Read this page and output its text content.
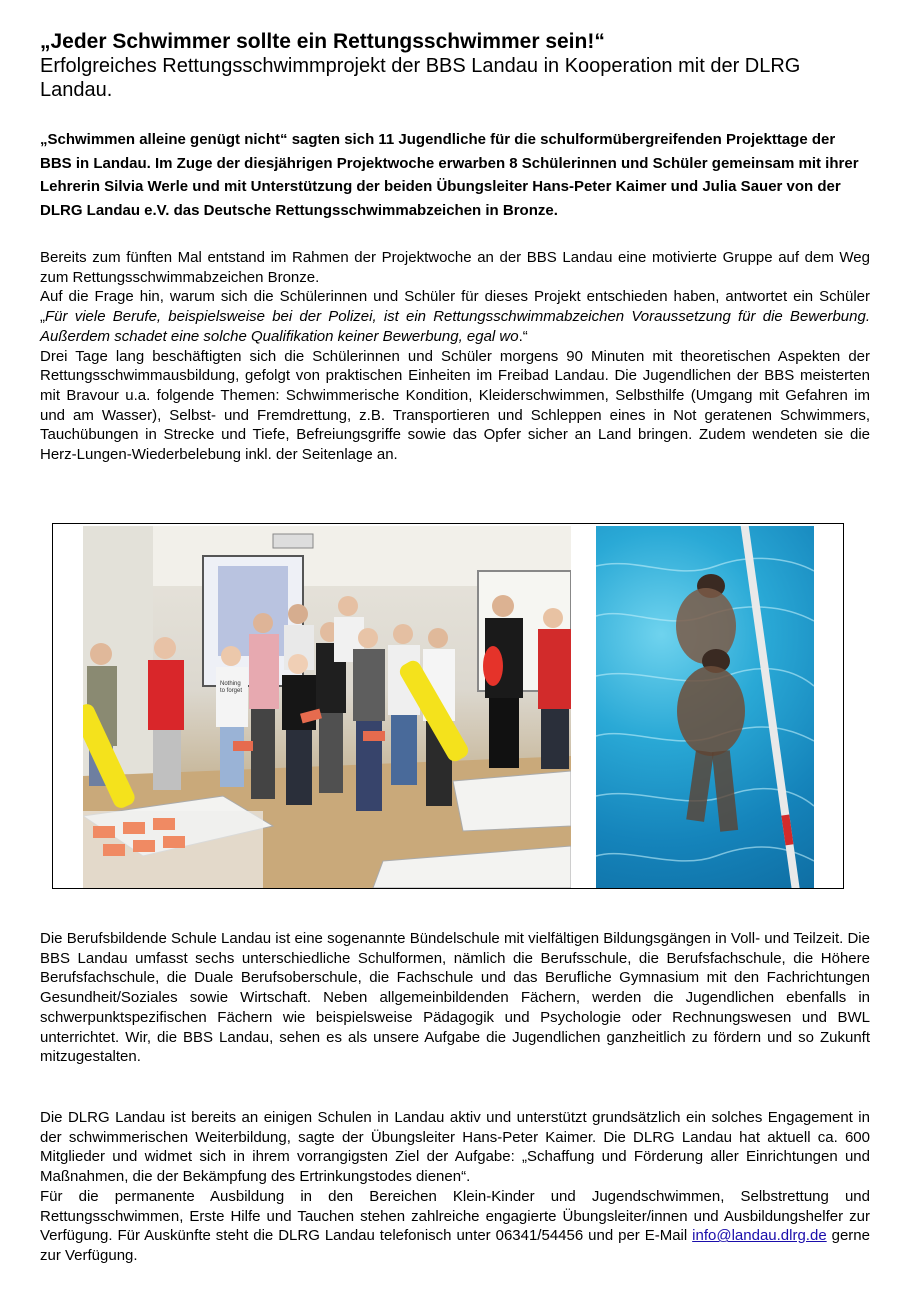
„Jeder Schwimmer sollte ein Rettungsschwimmer sein!“

Erfolgreiches Rettungsschwimmprojekt der BBS Landau in Kooperation mit der DLRG Landau.

„Schwimmen alleine genügt nicht“ sagten sich 11 Jugendliche für die schulformübergreifenden Projekttage der BBS in Landau. Im Zuge der diesjährigen Projektwoche erwarben 8 Schülerinnen und Schüler gemeinsam mit ihrer Lehrerin Silvia Werle und mit Unterstützung der beiden Übungsleiter Hans-Peter Kaimer und Julia Sauer von der DLRG Landau e.V. das Deutsche Rettungsschwimmabzeichen in Bronze.

Bereits zum fünften Mal entstand im Rahmen der Projektwoche an der BBS Landau eine motivierte Gruppe auf dem Weg zum Rettungsschwimmabzeichen Bronze.

Auf die Frage hin, warum sich die Schülerinnen und Schüler für dieses Projekt entschieden haben, antwortet ein Schüler „Für viele Berufe, beispielsweise bei der Polizei, ist ein Rettungsschwimmabzeichen Voraussetzung für die Bewerbung. Außerdem schadet eine solche Qualifikation keiner Bewerbung, egal wo.“

Drei Tage lang beschäftigten sich die Schülerinnen und Schüler morgens 90 Minuten mit theoretischen Aspekten der Rettungsschwimmausbildung, gefolgt von praktischen Einheiten im Freibad Landau. Die Jugendlichen der BBS meisterten mit Bravour u.a. folgende Themen: Schwimmerische Kondition, Kleiderschwimmen, Selbsthilfe (Umgang mit Gefahren im und am Wasser), Selbst- und Fremdrettung, z.B. Transportieren und Schleppen eines in Not geratenen Schwimmers, Tauchübungen in Strecke und Tiefe, Befreiungsgriffe sowie das Opfer sicher an Land bringen. Zudem wendeten sie die Herz-Lungen-Wiederbelebung inkl. der Seitenlage an.

Nothing to forget

Die Berufsbildende Schule Landau ist eine sogenannte Bündelschule mit vielfältigen Bildungsgängen in Voll- und Teilzeit. Die BBS Landau umfasst sechs unterschiedliche Schulformen, nämlich die Berufsschule, die Berufsfachschule, die Höhere Berufsfachschule, die Duale Berufsoberschule, die Fachschule und das Berufliche Gymnasium mit den Fachrichtungen Gesundheit/Soziales sowie Wirtschaft. Neben allgemeinbildenden Fächern, werden die Jugendlichen ebenfalls in schwerpunktspezifischen Fächern wie beispielsweise Pädagogik und Psychologie oder Rechnungswesen und BWL unterrichtet. Wir, die BBS Landau, sehen es als unsere Aufgabe die Jugendlichen ganzheitlich zu fördern und so Zukunft mitzugestalten.

Die DLRG Landau ist bereits an einigen Schulen in Landau aktiv und unterstützt grundsätzlich ein solches Engagement in der schwimmerischen Weiterbildung, sagte der Übungsleiter Hans-Peter Kaimer. Die DLRG Landau hat aktuell ca. 600 Mitglieder und widmet sich in ihrem vorrangigsten Ziel der Aufgabe: „Schaffung und Förderung aller Einrichtungen und Maßnahmen, die der Bekämpfung des Ertrinkungstodes dienen“.

Für die permanente Ausbildung in den Bereichen Klein-Kinder und Jugendschwimmen, Selbstrettung und Rettungsschwimmen, Erste Hilfe und Tauchen stehen zahlreiche engagierte Übungsleiter/innen und Ausbildungshelfer zur Verfügung. Für Auskünfte steht die DLRG Landau telefonisch unter 06341/54456 und per E-Mail info@landau.dlrg.de gerne zur Verfügung.
